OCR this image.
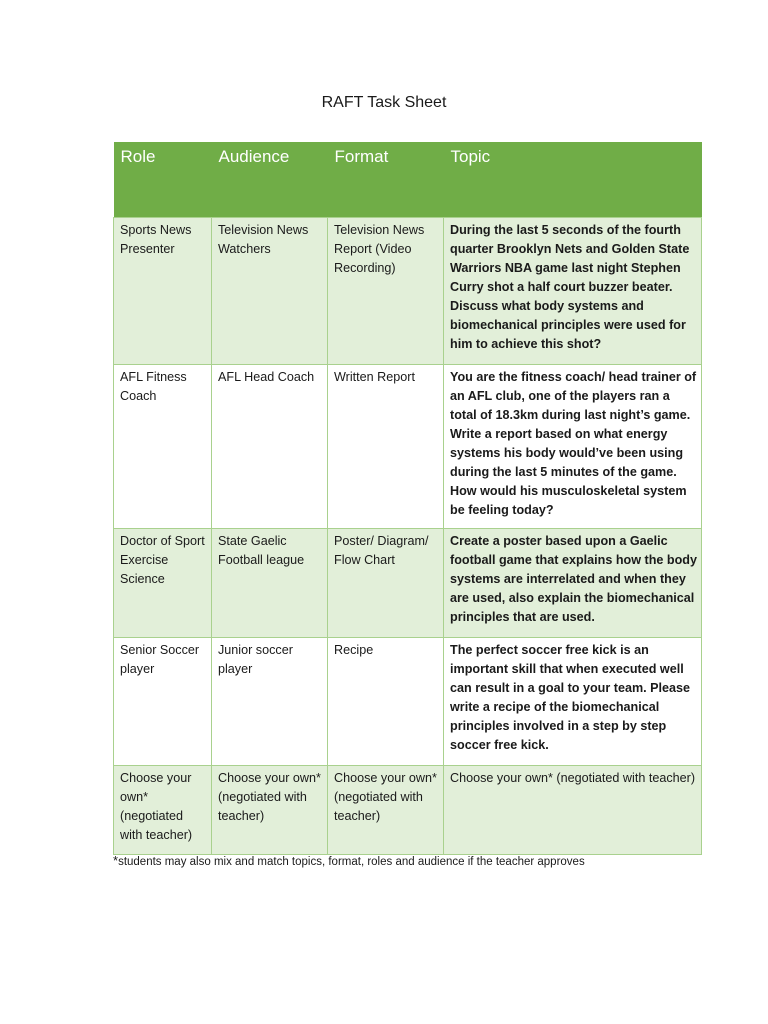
RAFT Task Sheet
Role	Audience	Format	Topic
Sports News Presenter	Television News Watchers	Television News Report (Video Recording)	During the last 5 seconds of the fourth quarter Brooklyn Nets and Golden State Warriors NBA game last night Stephen Curry shot a half court buzzer beater. Discuss what body systems and biomechanical principles were used for him to achieve this shot?
AFL Fitness Coach	AFL Head Coach	Written Report	You are the fitness coach/ head trainer of an AFL club, one of the players ran a total of 18.3km during last night’s game. Write a report based on what energy systems his body would’ve been using during the last 5 minutes of the game. How would his musculoskeletal system be feeling today?
Doctor of Sport Exercise Science	State Gaelic Football league	Poster/ Diagram/ Flow Chart	Create a poster based upon a Gaelic football game that explains how the body systems are interrelated and when they are used, also explain the biomechanical principles that are used.
Senior Soccer player	Junior soccer player	Recipe	The perfect soccer free kick is an important skill that when executed well can result in a goal to your team. Please write a recipe of the biomechanical principles involved in a step by step soccer free kick.
Choose your own* (negotiated with teacher)	Choose your own* (negotiated with teacher)	Choose your own* (negotiated with teacher)	Choose your own* (negotiated with teacher)
*students may also mix and match topics, format, roles and audience if the teacher approves
